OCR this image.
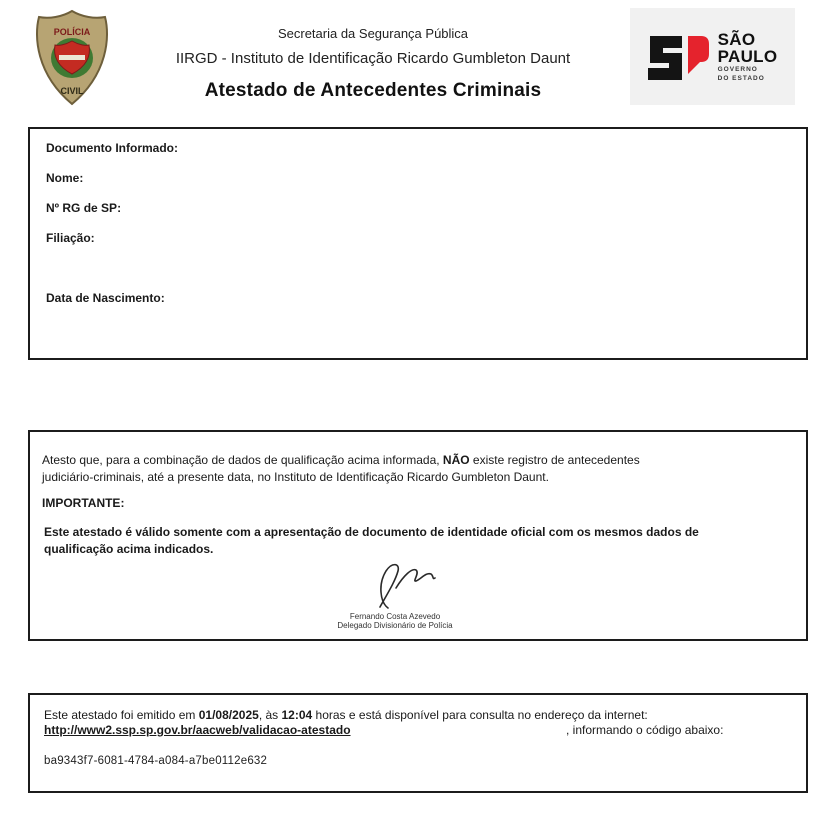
POLÍCIA
CIVIL
Secretaria da Segurança Pública
IIRGD - Instituto de Identificação Ricardo Gumbleton Daunt
Atestado de Antecedentes Criminais
SÃO
PAULO
GOVERNO
DO ESTADO
Documento Informado:
Nome:
Nº RG de SP:
Filiação:
Data de Nascimento:
Atesto que, para a combinação de dados de qualificação acima informada, NÃO existe registro de antecedentes judiciário-criminais, até a presente data, no Instituto de Identificação Ricardo Gumbleton Daunt.
IMPORTANTE:
Este atestado é válido somente com a apresentação de documento de identidade oficial com os mesmos dados de qualificação acima indicados.
Fernando Costa Azevedo
Delegado Divisionário de Polícia
Este atestado foi emitido em 01/08/2025, às 12:04 horas e está disponível para consulta no endereço da internet:
http://www2.ssp.sp.gov.br/aacweb/validacao-atestado	, informando o código abaixo:
ba9343f7-6081-4784-a084-a7be0112e632
